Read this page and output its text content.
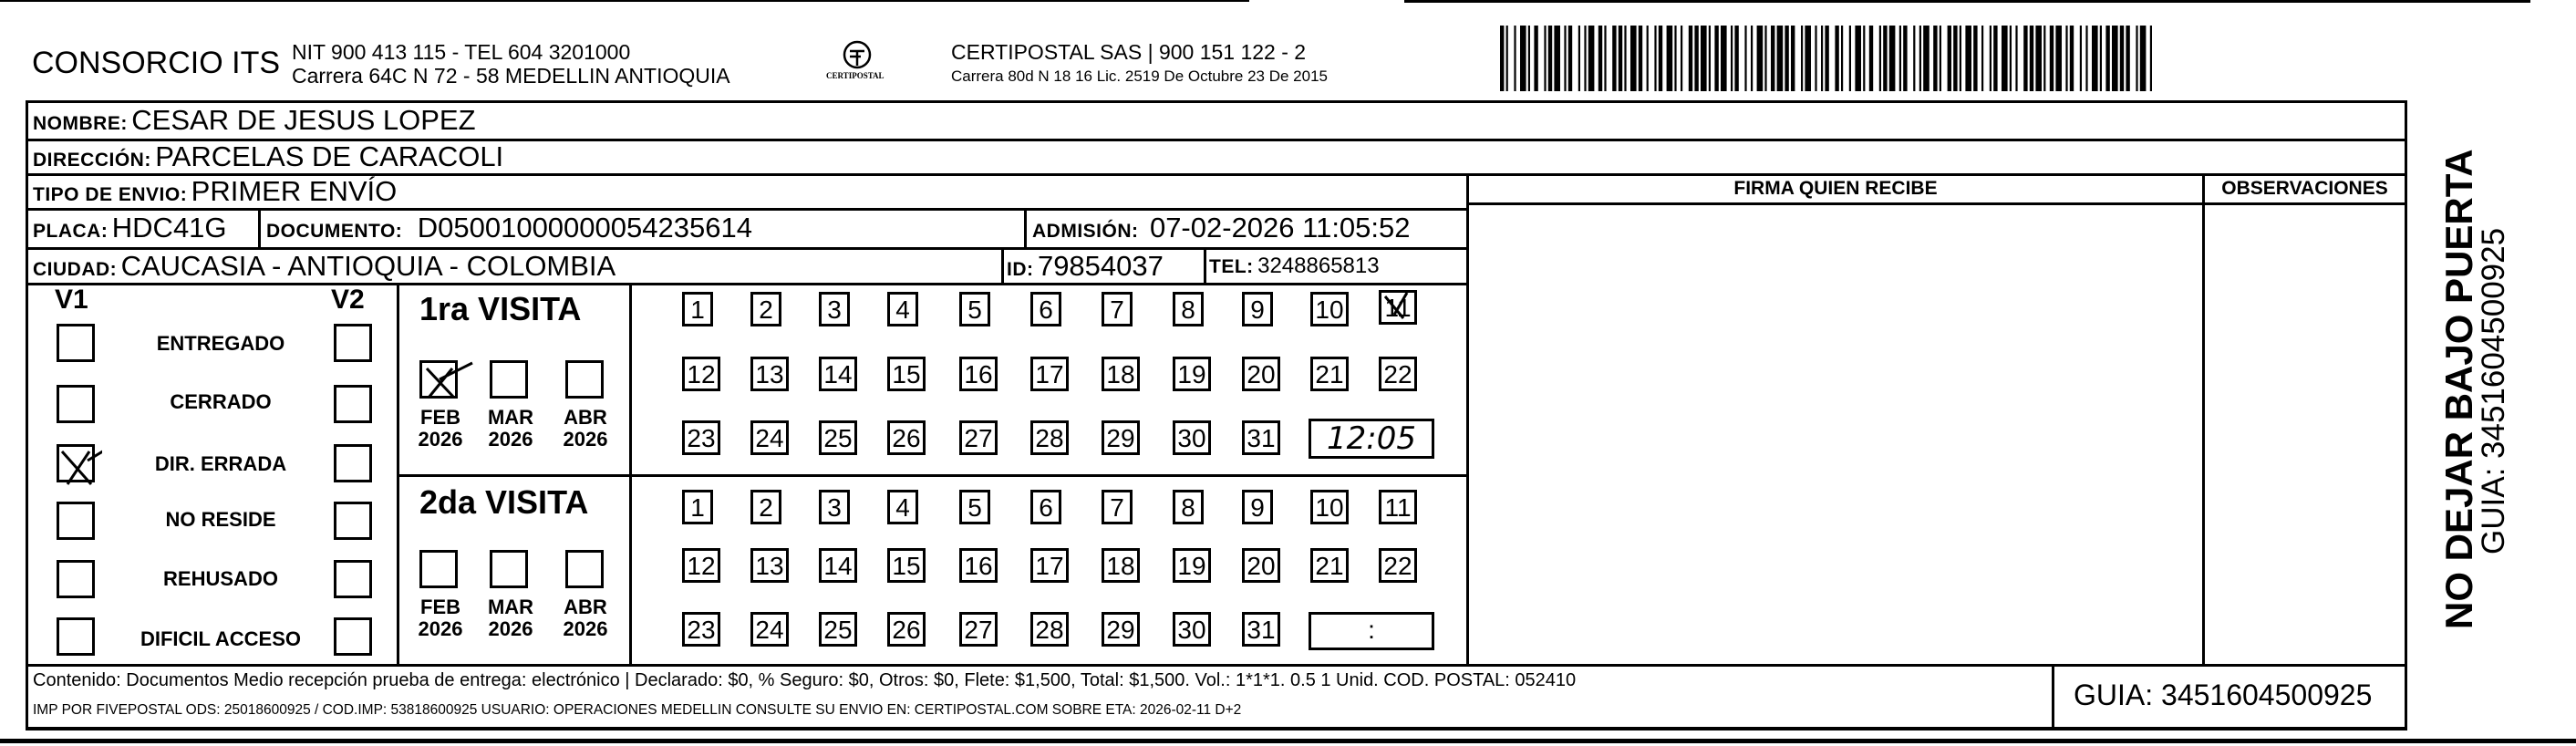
CONSORCIO ITS NIT 900 413 115 - TEL 604 3201000
Carrera 64C N 72 - 58 MEDELLIN ANTIOQUIA	CERTIPOSTAL
CERTIPOSTAL SAS | 900 151 122 - 2
Carrera 80d N 18 16 Lic. 2519 De Octubre 23 De 2015
NOMBRE: CESAR DE JESUS LOPEZ
DIRECCIÓN: PARCELAS DE CARACOLI
TIPO DE ENVIO: PRIMER ENVÍO
PLACA: HDC41G DOCUMENTO: D05001000000054235614	ADMISIÓN: 07-02-2026 11:05:52
CIUDAD: CAUCASIA - ANTIOQUIA - COLOMBIA	ID: 79854037 TEL: 3248865813
FIRMA QUIEN RECIBE	OBSERVACIONES
V1	V2
ENTREGADO
CERRADO
DIR. ERRADA
NO RESIDE
REHUSADO
DIFICIL ACCESO
1ra VISITA
FEB
2026
MAR
2026
ABR
2026
2da VISITA
FEB
2026
MAR
2026
ABR
2026
1	2	3	4	5	6	7	8	9	10 11
12 13 14 15 16 17 18 19 20 21 22
23 24 25 26 27 28 29 30 31	12:05
1	2	3	4	5	6	7	8	9	10 11
12 13 14 15 16 17 18 19 20 21 22
23 24 25 26 27 28 29 30 31	:
Contenido: Documentos Medio recepción prueba de entrega: electrónico | Declarado: $0, % Seguro: $0, Otros: $0, Flete: $1,500, Total: $1,500. Vol.: 1*1*1. 0.5 1 Unid. COD. POSTAL: 052410
IMP POR FIVEPOSTAL ODS: 25018600925 / COD.IMP: 53818600925 USUARIO: OPERACIONES MEDELLIN CONSULTE SU ENVIO EN: CERTIPOSTAL.COM SOBRE ETA: 2026-02-11 D+2	GUIA: 3451604500925
NO DEJAR BAJO PUERTA
GUIA: 3451604500925
